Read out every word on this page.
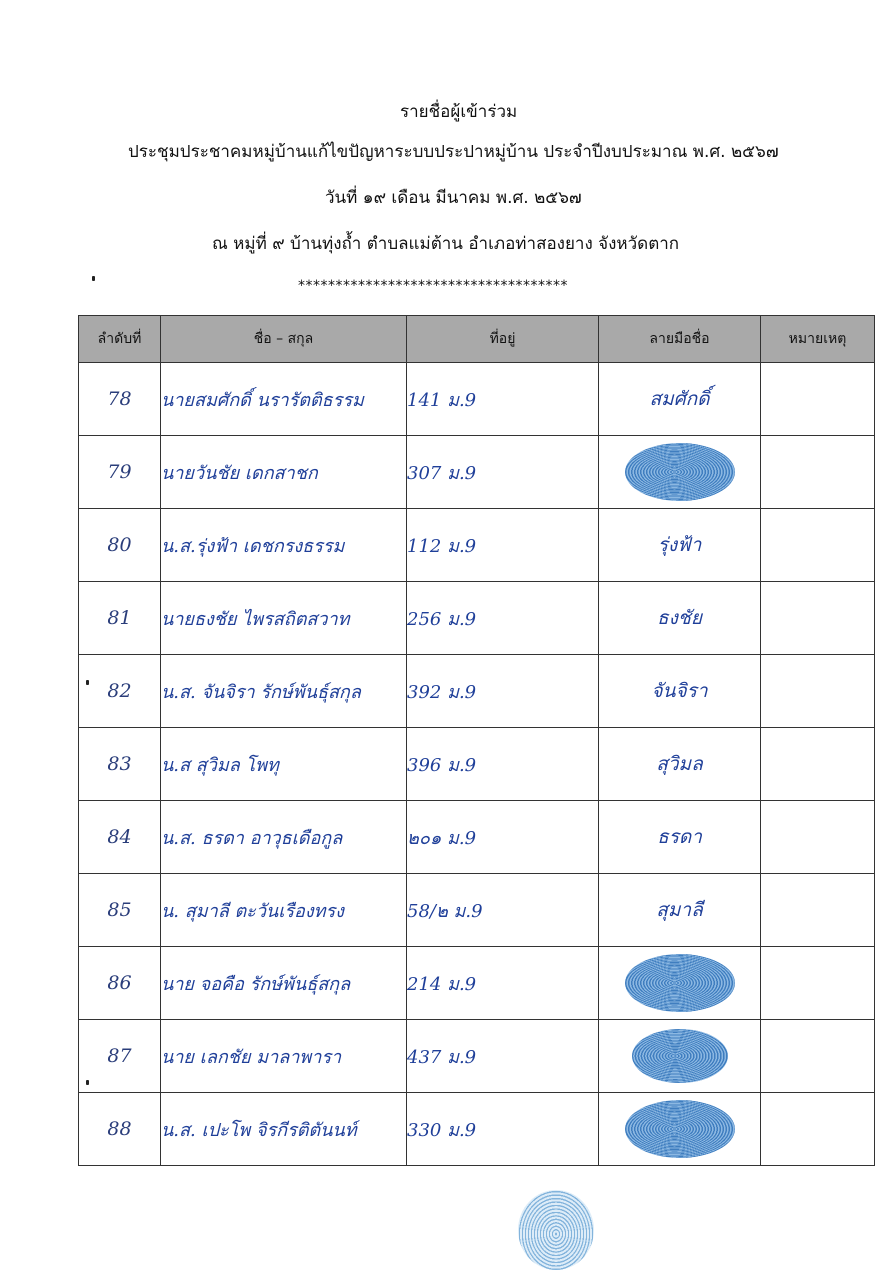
รายชื่อผู้เข้าร่วม
ประชุมประชาคมหมู่บ้านแก้ไขปัญหาระบบประปาหมู่บ้าน ประจำปีงบประมาณ พ.ศ. ๒๕๖๗
วันที่ ๑๙ เดือน มีนาคม พ.ศ. ๒๕๖๗
ณ หมู่ที่ ๙ บ้านทุ่งถ้ำ ตำบลแม่ต้าน อำเภอท่าสองยาง จังหวัดตาก
************************************
ลำดับที่	ชื่อ – สกุล	ที่อยู่	ลายมือชื่อ	หมายเหตุ
78	นายสมศักดิ์ นรารัตติธรรม	141 ม.9	สมศักดิ์	
79	นายวันชัย เดกสาชก	307 ม.9		
80	น.ส.รุ่งฟ้า เดชกรงธรรม	112 ม.9	รุ่งฟ้า	
81	นายธงชัย ไพรสถิตสวาท	256 ม.9	ธงชัย	
82	น.ส. จันจิรา รักษ์พันธุ์สกุล	392 ม.9	จันจิรา	
83	น.ส สุวิมล โพทุ	396 ม.9	สุวิมล	
84	น.ส. ธรดา อาวุธเดือกูล	๒๐๑ ม.9	ธรดา	
85	น. สุมาลี ตะวันเรืองทรง	58/๒ ม.9	สุมาลี	
86	นาย จอคือ รักษ์พันธุ์สกุล	214 ม.9		
87	นาย เลกชัย มาลาพารา	437 ม.9		
88	น.ส. เปะโพ จิรกีรติตันนท์	330 ม.9		
